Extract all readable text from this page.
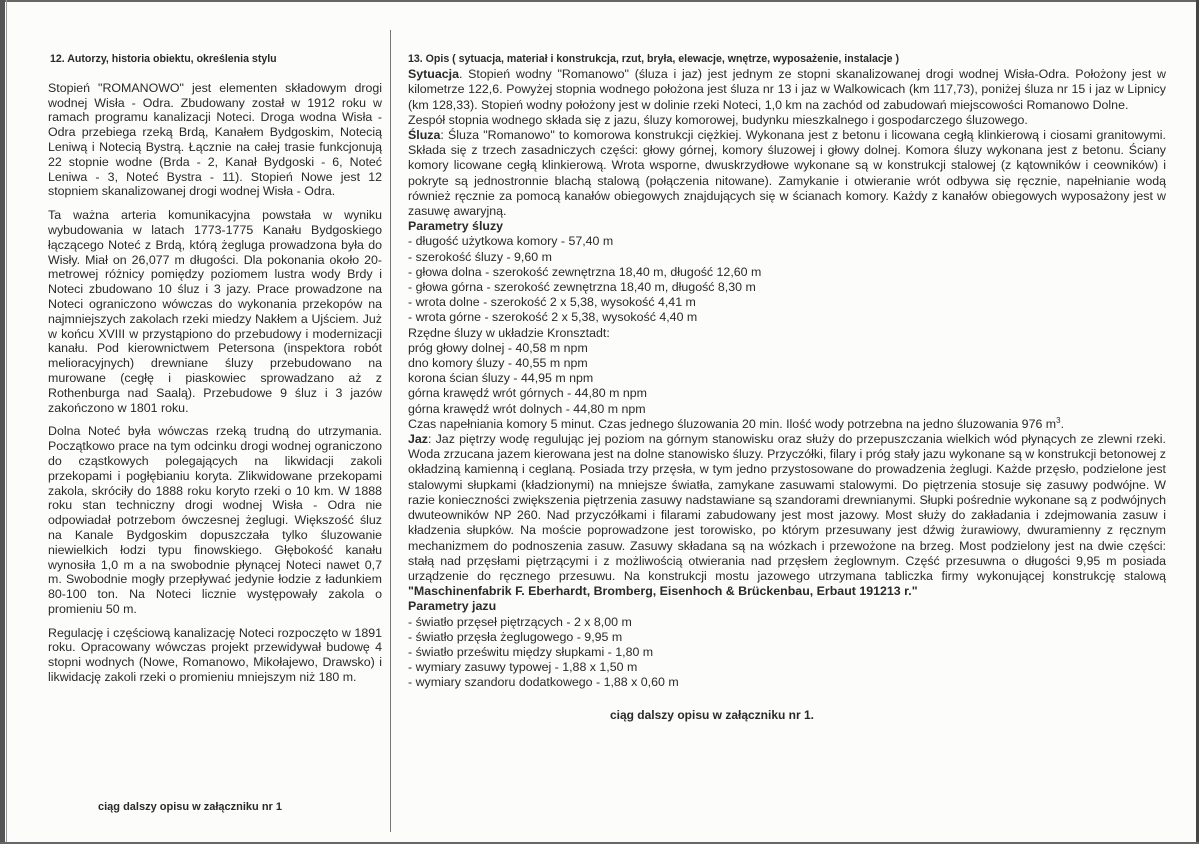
12. Autorzy, historia obiektu, określenia stylu

Stopień "ROMANOWO" jest elementen składowym drogi wodnej Wisła - Odra. Zbudowany został w 1912 roku w ramach programu kanalizacji Noteci. Droga wodna Wisła - Odra przebiega rzeką Brdą, Kanałem Bydgoskim, Notecią Leniwą i Notecią Bystrą. Łącznie na całej trasie funkcjonują 22 stopnie wodne (Brda - 2, Kanał Bydgoski - 6, Noteć Leniwa - 3, Noteć Bystra - 11). Stopień Nowe jest 12 stopniem skanalizowanej drogi wodnej Wisła - Odra.

Ta ważna arteria komunikacyjna powstała w wyniku wybudowania w latach 1773-1775 Kanału Bydgoskiego łączącego Noteć z Brdą, którą żegluga prowadzona była do Wisły. Miał on 26,077 m długości. Dla pokonania około 20-metrowej różnicy pomiędzy poziomem lustra wody Brdy i Noteci zbudowano 10 śluz i 3 jazy. Prace prowadzone na Noteci ograniczono wówczas do wykonania przekopów na najmniejszych zakolach rzeki miedzy Nakłem a Ujściem. Już w końcu XVIII w przystąpiono do przebudowy i modernizacji kanału. Pod kierownictwem Petersona (inspektora robót melioracyjnych) drewniane śluzy przebudowano na murowane (cegłę i piaskowiec sprowadzano aż z Rothenburga nad Saalą). Przebudowe 9 śluz i 3 jazów zakończono w 1801 roku.

Dolna Noteć była wówczas rzeką trudną do utrzymania. Początkowo prace na tym odcinku drogi wodnej ograniczono do cząstkowych polegających na likwidacji zakoli przekopami i pogłębianiu koryta. Zlikwidowane przekopami zakola, skróciły do 1888 roku koryto rzeki o 10 km. W 1888 roku stan techniczny drogi wodnej Wisła - Odra nie odpowiadał potrzebom ówczesnej żeglugi. Większość śluz na Kanale Bydgoskim dopuszczała tylko śluzowanie niewielkich łodzi typu finowskiego. Głębokość kanału wynosiła 1,0 m a na swobodnie płynącej Noteci nawet 0,7 m. Swobodnie mogły przepływać jedynie łodzie z ładunkiem 80-100 ton. Na Noteci licznie występowały zakola o promieniu 50 m.

Regulację i częściową kanalizację Noteci rozpoczęto w 1891 roku. Opracowany wówczas projekt przewidywał budowę 4 stopni wodnych (Nowe, Romanowo, Mikołajewo, Drawsko) i likwidację zakoli rzeki o promieniu mniejszym niż 180 m.

ciąg dalszy opisu w załączniku nr 1
13. Opis ( sytuacja, materiał i konstrukcja, rzut, bryła, elewacje, wnętrze, wyposażenie, instalacje )
Sytuacja. Stopień wodny "Romanowo" (śluza i jaz) jest jednym ze stopni skanalizowanej drogi wodnej Wisła-Odra. Położony jest w kilometrze 122,6. Powyżej stopnia wodnego położona jest śluza nr 13 i jaz w Walkowicach (km 117,73), poniżej śluza nr 15 i jaz w Lipnicy (km 128,33). Stopień wodny położony jest w dolinie rzeki Noteci, 1,0 km na zachód od zabudowań miejscowości Romanowo Dolne.
Zespół stopnia wodnego składa się z jazu, śluzy komorowej, budynku mieszkalnego i gospodarczego śluzowego.
Śluza: Śluza "Romanowo" to komorowa konstrukcji ciężkiej. Wykonana jest z betonu i licowana cegłą klinkierową i ciosami granitowymi. Składa się z trzech zasadniczych części: głowy górnej, komory śluzowej i głowy dolnej. Komora śluzy wykonana jest z betonu. Ściany komory licowane cegłą klinkierową. Wrota wsporne, dwuskrzydłowe wykonane są w konstrukcji stalowej (z kątowników i ceowników) i pokryte są jednostronnie blachą stalową (połączenia nitowane). Zamykanie i otwieranie wrót odbywa się ręcznie, napełnianie wodą również ręcznie za pomocą kanałów obiegowych znajdujących się w ścianach komory. Każdy z kanałów obiegowych wyposażony jest w zasuwę awaryjną.
Parametry śluzy
- długość użytkowa komory - 57,40 m
- szerokość śluzy - 9,60 m
- głowa dolna - szerokość zewnętrzna 18,40 m, długość 12,60 m
- głowa górna - szerokość zewnętrzna 18,40 m, długość 8,30 m
- wrota dolne - szerokość 2 x 5,38, wysokość 4,41 m
- wrota górne - szerokość 2 x 5,38, wysokość 4,40 m
Rzędne śluzy w układzie Kronsztadt:
próg głowy dolnej - 40,58 m npm
dno komory śluzy - 40,55 m npm
korona ścian śluzy - 44,95 m npm
górna krawędź wrót górnych - 44,80 m npm
górna krawędź wrót dolnych - 44,80 m npm
Czas napełniania komory 5 minut. Czas jednego śluzowania 20 min. Ilość wody potrzebna na jedno śluzowania 976 $m^3$.
Jaz: Jaz piętrzy wodę regulując jej poziom na górnym stanowisku oraz służy do przepuszczania wielkich wód płynących ze zlewni rzeki. Woda zrzucana jazem kierowana jest na dolne stanowisko śluzy. Przyczółki, filary i próg stały jazu wykonane są w konstrukcji betonowej z okładziną kamienną i ceglaną. Posiada trzy przęsła, w tym jedno przystosowane do prowadzenia żeglugi. Każde przęsło, podzielone jest stalowymi słupkami (kładzionymi) na mniejsze światła, zamykane zasuwami stalowymi. Do piętrzenia stosuje się zasuwy podwójne. W razie konieczności zwiększenia piętrzenia zasuwy nadstawiane są szandorami drewnianymi. Słupki pośrednie wykonane są z podwójnych dwuteowników NP 260. Nad przyczółkami i filarami zabudowany jest most jazowy. Most służy do zakładania i zdejmowania zasuw i kładzenia słupków. Na moście poprowadzone jest torowisko, po którym przesuwany jest dźwig żurawiowy, dwuramienny z ręcznym mechanizmem do podnoszenia zasuw. Zasuwy składana są na wózkach i przewożone na brzeg. Most podzielony jest na dwie części: stałą nad przęsłami piętrzącymi i z możliwością otwierania nad przęsłem żeglownym. Część przesuwna o długości 9,95 m posiada urządzenie do ręcznego przesuwu. Na konstrukcji mostu jazowego utrzymana tabliczka firmy wykonującej konstrukcję stalową "Maschinenfabrik F. Eberhardt, Bromberg, Eisenhoch & Brückenbau, Erbaut 191213 r."
Parametry jazu
- światło przęseł piętrzących - 2 x 8,00 m
- światło przęsła żeglugowego - 9,95 m
- światło prześwitu między słupkami - 1,80 m
- wymiary zasuwy typowej - 1,88 x 1,50 m
- wymiary szandoru dodatkowego - 1,88 x 0,60 m
ciąg dalszy opisu w załączniku nr 1.
